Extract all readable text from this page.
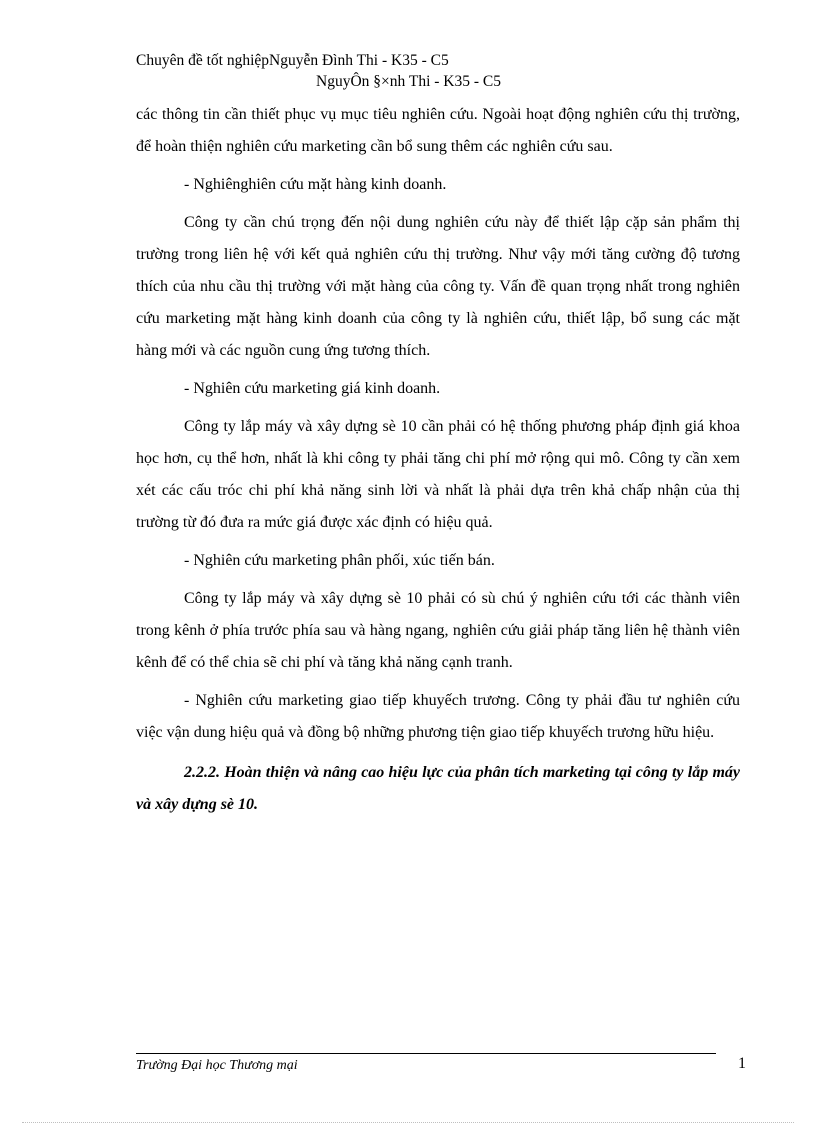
Chuyên đề tốt nghiệpNguyễn Đình Thi - K35 - C5
NguyÔn §×nh Thi - K35 - C5

các thông tin cần thiết phục vụ mục tiêu nghiên cứu. Ngoài hoạt động nghiên cứu thị trường, để hoàn thiện nghiên cứu marketing cần bổ sung thêm các nghiên cứu sau.

- Nghiênghiên cứu mặt hàng kinh doanh.

Công ty cần chú trọng đến nội dung nghiên cứu này để thiết lập cặp sản phẩm thị trường trong liên hệ với kết quả nghiên cứu thị trường. Như vậy mới tăng cường độ tương thích của nhu cầu thị trường với mặt hàng của công ty. Vấn đề quan trọng nhất trong nghiên cứu marketing mặt hàng kinh doanh của công ty là nghiên cứu, thiết lập, bổ sung các mặt hàng mới và các nguồn cung ứng tương thích.

- Nghiên cứu marketing giá kinh doanh.

Công ty lắp máy và xây dựng sè 10 cần phải có hệ thống phương pháp định giá khoa học hơn, cụ thể hơn, nhất là khi công ty phải tăng chi phí mở rộng qui mô. Công ty cần xem xét các cấu tróc chi phí khả năng sinh lời và nhất là phải dựa trên khả chấp nhận của thị trường từ đó đưa ra mức giá được xác định có hiệu quả.

- Nghiên cứu marketing phân phối, xúc tiến bán.

Công ty lắp máy và xây dựng sè 10 phải có sù chú ý nghiên cứu tới các thành viên trong kênh ở phía trước phía sau và hàng ngang, nghiên cứu giải pháp tăng liên hệ thành viên kênh để có thể chia sẽ chi phí và tăng khả năng cạnh tranh.

- Nghiên cứu marketing giao tiếp khuyếch trương. Công ty phải đầu tư nghiên cứu việc vận dung hiệu quả và đồng bộ những phương tiện giao tiếp khuyếch trương hữu hiệu.

2.2.2. Hoàn thiện và nâng cao hiệu lực của phân tích marketing tại công ty lắp máy và xây dựng sè 10.

Trường Đại học Thương mại	1
